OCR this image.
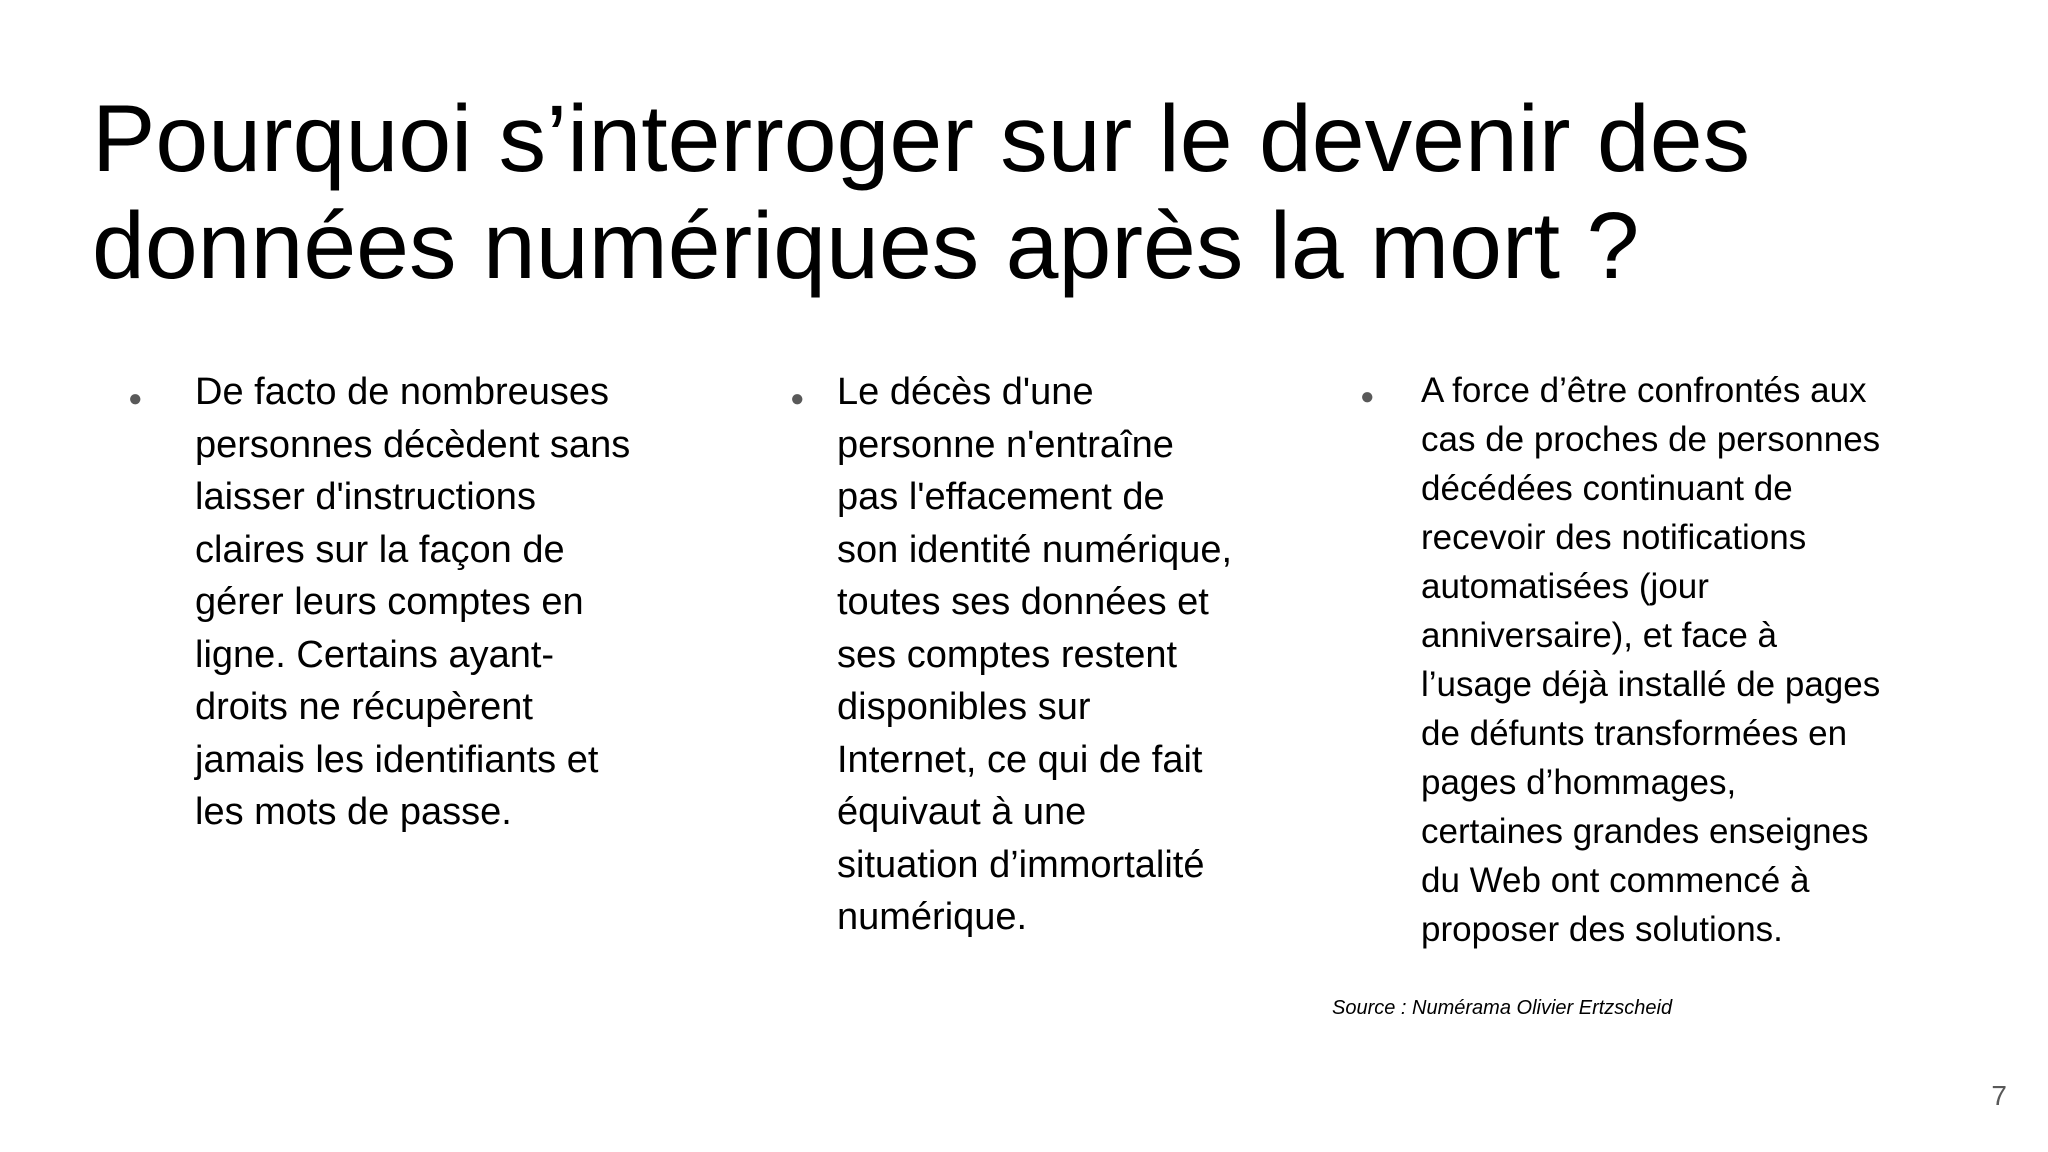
Pourquoi s’interroger sur le devenir des
données numériques après la mort ?
● De facto de nombreuses
personnes décèdent sans
laisser d'instructions
claires sur la façon de
gérer leurs comptes en
ligne. Certains ayant-
droits ne récupèrent
jamais les identifiants et
les mots de passe.
● Le décès d'une
personne n'entraîne
pas l'effacement de
son identité numérique,
toutes ses données et
ses comptes restent
disponibles sur
Internet, ce qui de fait
équivaut à une
situation d’immortalité
numérique.
● A force d’être confrontés aux
cas de proches de personnes
décédées continuant de
recevoir des notifications
automatisées (jour
anniversaire), et face à
l’usage déjà installé de pages
de défunts transformées en
pages d’hommages,
certaines grandes enseignes
du Web ont commencé à
proposer des solutions.
Source : Numérama Olivier Ertzscheid
7
